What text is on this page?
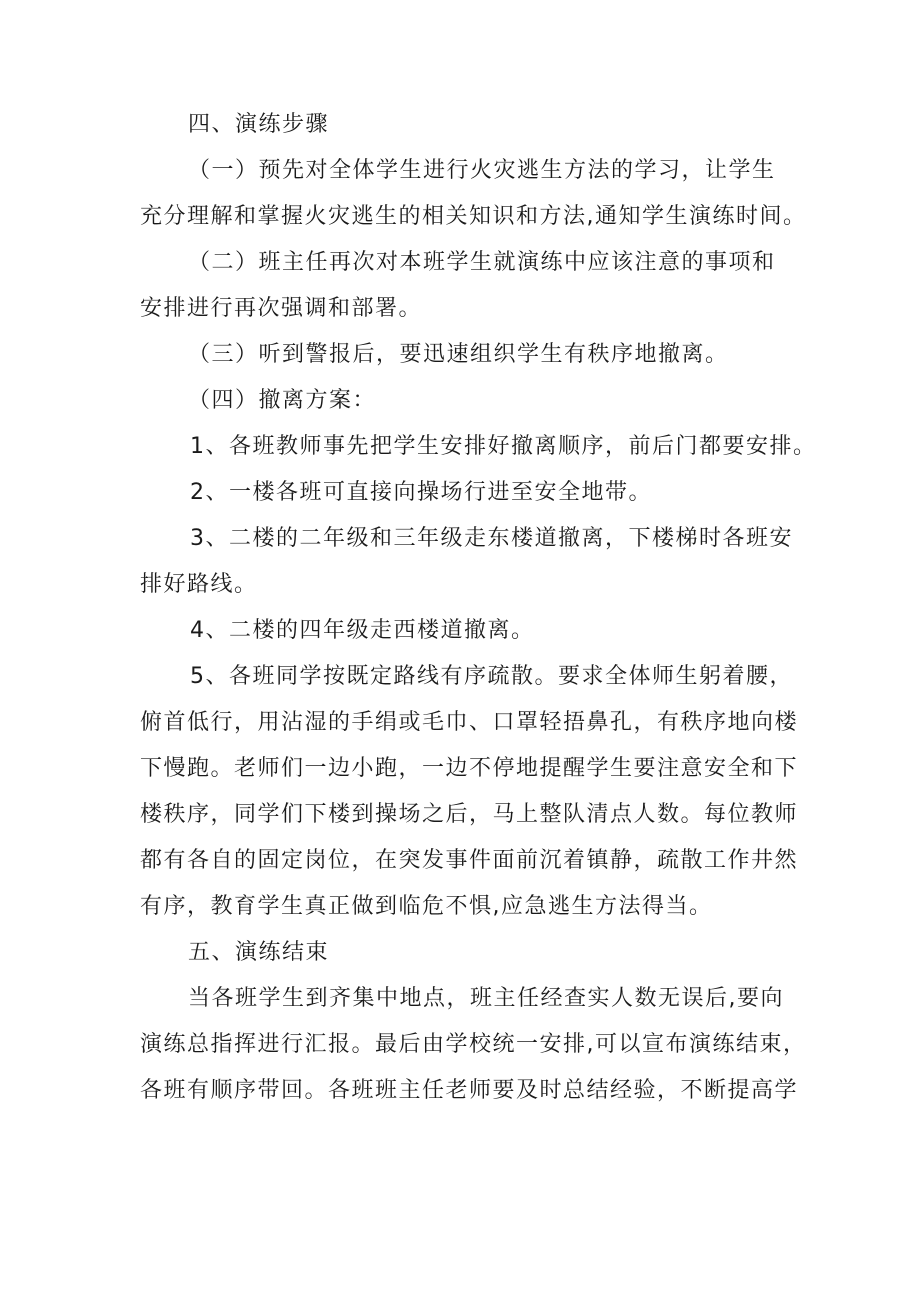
四、演练步骤

（一）预先对全体学生进行火灾逃生方法的学习，让学生

充分理解和掌握火灾逃生的相关知识和方法,通知学生演练时间。

（二）班主任再次对本班学生就演练中应该注意的事项和

安排进行再次强调和部署。

（三）听到警报后，要迅速组织学生有秩序地撤离。

（四）撤离方案：

1、各班教师事先把学生安排好撤离顺序，前后门都要安排。

2、一楼各班可直接向操场行进至安全地带。

3、二楼的二年级和三年级走东楼道撤离，下楼梯时各班安

排好路线。

4、二楼的四年级走西楼道撤离。

5、各班同学按既定路线有序疏散。要求全体师生躬着腰，

俯首低行，用沾湿的手绢或毛巾、口罩轻捂鼻孔，有秩序地向楼

下慢跑。老师们一边小跑，一边不停地提醒学生要注意安全和下

楼秩序，同学们下楼到操场之后，马上整队清点人数。每位教师

都有各自的固定岗位，在突发事件面前沉着镇静，疏散工作井然

有序，教育学生真正做到临危不惧,应急逃生方法得当。

五、演练结束

当各班学生到齐集中地点，班主任经查实人数无误后,要向

演练总指挥进行汇报。最后由学校统一安排,可以宣布演练结束，

各班有顺序带回。各班班主任老师要及时总结经验，不断提高学
